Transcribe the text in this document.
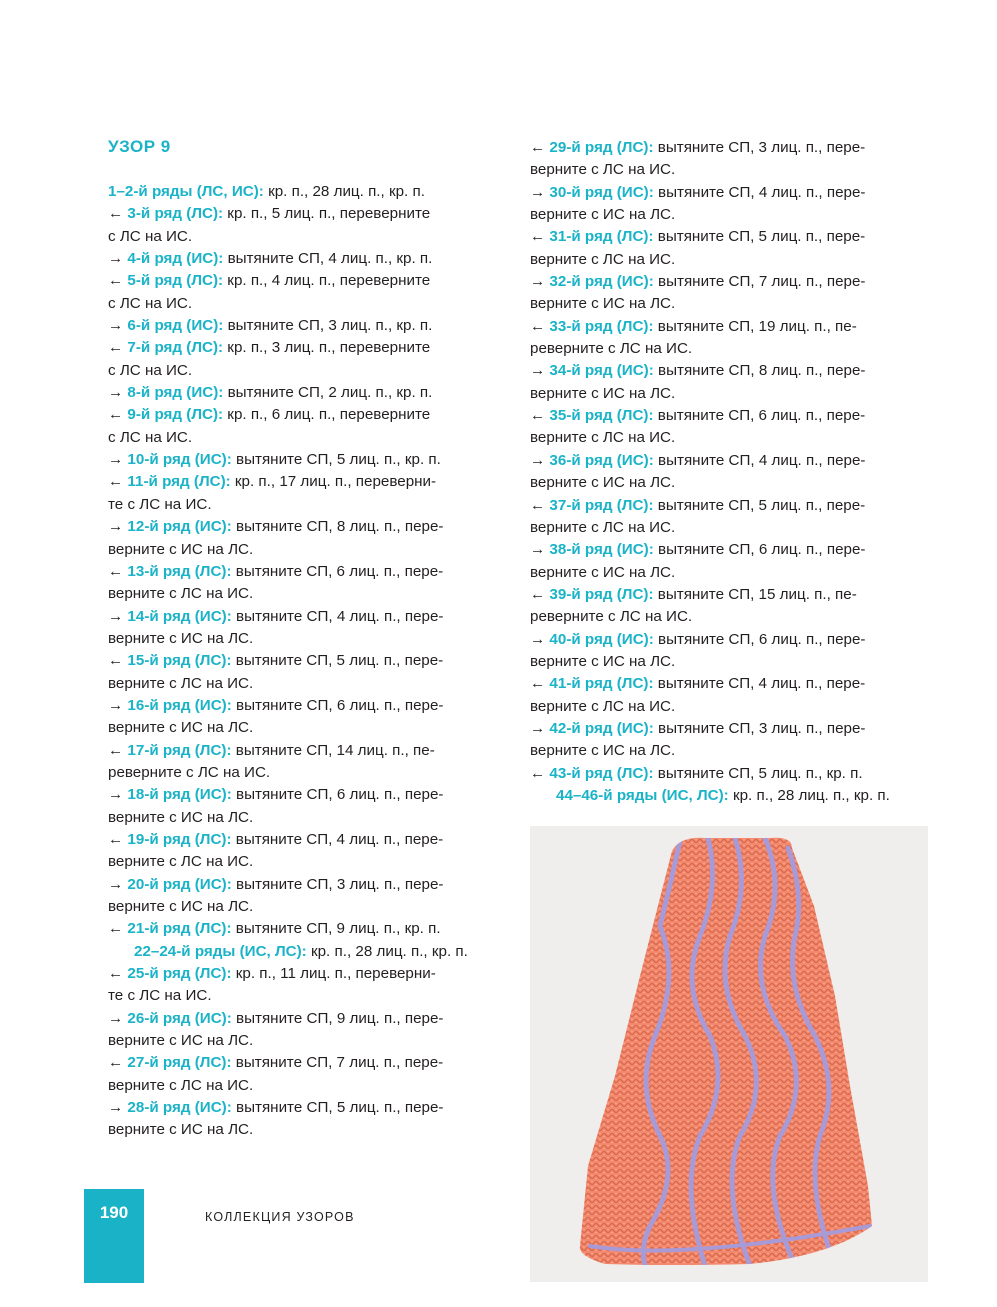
УЗОР 9
1–2-й ряды (ЛС, ИС): кр. п., 28 лиц. п., кр. п.
← 3-й ряд (ЛС): кр. п., 5 лиц. п., переверните
с ЛС на ИС.
→ 4-й ряд (ИС): вытяните СП, 4 лиц. п., кр. п.
← 5-й ряд (ЛС): кр. п., 4 лиц. п., переверните
с ЛС на ИС.
→ 6-й ряд (ИС): вытяните СП, 3 лиц. п., кр. п.
← 7-й ряд (ЛС): кр. п., 3 лиц. п., переверните
с ЛС на ИС.
→ 8-й ряд (ИС): вытяните СП, 2 лиц. п., кр. п.
← 9-й ряд (ЛС): кр. п., 6 лиц. п., переверните
с ЛС на ИС.
→ 10-й ряд (ИС): вытяните СП, 5 лиц. п., кр. п.
← 11-й ряд (ЛС): кр. п., 17 лиц. п., переверни-
те с ЛС на ИС.
→ 12-й ряд (ИС): вытяните СП, 8 лиц. п., пере-
верните с ИС на ЛС.
← 13-й ряд (ЛС): вытяните СП, 6 лиц. п., пере-
верните с ЛС на ИС.
→ 14-й ряд (ИС): вытяните СП, 4 лиц. п., пере-
верните с ИС на ЛС.
← 15-й ряд (ЛС): вытяните СП, 5 лиц. п., пере-
верните с ЛС на ИС.
→ 16-й ряд (ИС): вытяните СП, 6 лиц. п., пере-
верните с ИС на ЛС.
← 17-й ряд (ЛС): вытяните СП, 14 лиц. п., пе-
реверните с ЛС на ИС.
→ 18-й ряд (ИС): вытяните СП, 6 лиц. п., пере-
верните с ИС на ЛС.
← 19-й ряд (ЛС): вытяните СП, 4 лиц. п., пере-
верните с ЛС на ИС.
→ 20-й ряд (ИС): вытяните СП, 3 лиц. п., пере-
верните с ИС на ЛС.
← 21-й ряд (ЛС): вытяните СП, 9 лиц. п., кр. п.
22–24-й ряды (ИС, ЛС): кр. п., 28 лиц. п., кр. п.
← 25-й ряд (ЛС): кр. п., 11 лиц. п., переверни-
те с ЛС на ИС.
→ 26-й ряд (ИС): вытяните СП, 9 лиц. п., пере-
верните с ИС на ЛС.
← 27-й ряд (ЛС): вытяните СП, 7 лиц. п., пере-
верните с ЛС на ИС.
→ 28-й ряд (ИС): вытяните СП, 5 лиц. п., пере-
верните с ИС на ЛС.
← 29-й ряд (ЛС): вытяните СП, 3 лиц. п., пере-
верните с ЛС на ИС.
→ 30-й ряд (ИС): вытяните СП, 4 лиц. п., пере-
верните с ИС на ЛС.
← 31-й ряд (ЛС): вытяните СП, 5 лиц. п., пере-
верните с ЛС на ИС.
→ 32-й ряд (ИС): вытяните СП, 7 лиц. п., пере-
верните с ИС на ЛС.
← 33-й ряд (ЛС): вытяните СП, 19 лиц. п., пе-
реверните с ЛС на ИС.
→ 34-й ряд (ИС): вытяните СП, 8 лиц. п., пере-
верните с ИС на ЛС.
← 35-й ряд (ЛС): вытяните СП, 6 лиц. п., пере-
верните с ЛС на ИС.
→ 36-й ряд (ИС): вытяните СП, 4 лиц. п., пере-
верните с ИС на ЛС.
← 37-й ряд (ЛС): вытяните СП, 5 лиц. п., пере-
верните с ЛС на ИС.
→ 38-й ряд (ИС): вытяните СП, 6 лиц. п., пере-
верните с ИС на ЛС.
← 39-й ряд (ЛС): вытяните СП, 15 лиц. п., пе-
реверните с ЛС на ИС.
→ 40-й ряд (ИС): вытяните СП, 6 лиц. п., пере-
верните с ИС на ЛС.
← 41-й ряд (ЛС): вытяните СП, 4 лиц. п., пере-
верните с ЛС на ИС.
→ 42-й ряд (ИС): вытяните СП, 3 лиц. п., пере-
верните с ИС на ЛС.
← 43-й ряд (ЛС): вытяните СП, 5 лиц. п., кр. п.
44–46-й ряды (ИС, ЛС): кр. п., 28 лиц. п., кр. п.
190	КОЛЛЕКЦИЯ УЗОРОВ
